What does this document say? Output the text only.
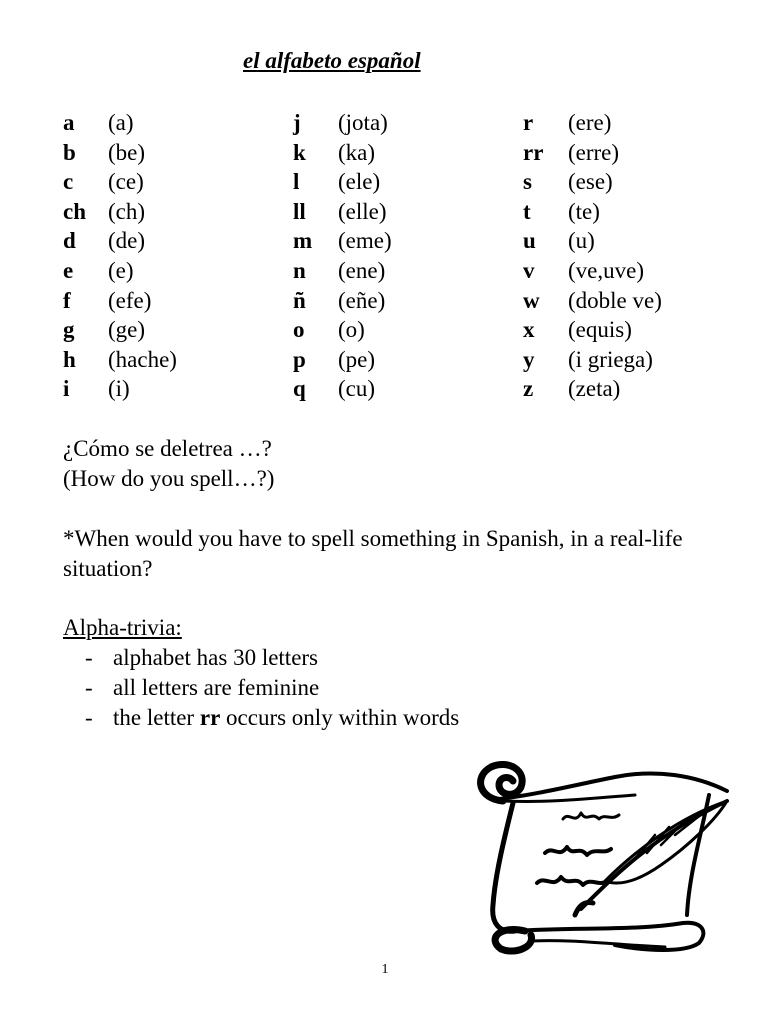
el alfabeto español
a (a)
b (be)
c (ce)
ch (ch)
d (de)
e (e)
f (efe)
g (ge)
h (hache)
i (i)
j (jota)
k (ka)
l (ele)
ll (elle)
m (eme)
n (ene)
ñ (eñe)
o (o)
p (pe)
q (cu)
r (ere)
rr (erre)
s (ese)
t (te)
u (u)
v (ve,uve)
w (doble ve)
x (equis)
y (i griega)
z (zeta)

¿Cómo se deletrea …?
(How do you spell…?)

*When would you have to spell something in Spanish, in a real-life situation?

Alpha-trivia:
- alphabet has 30 letters
- all letters are feminine
- the letter rr occurs only within words
1
